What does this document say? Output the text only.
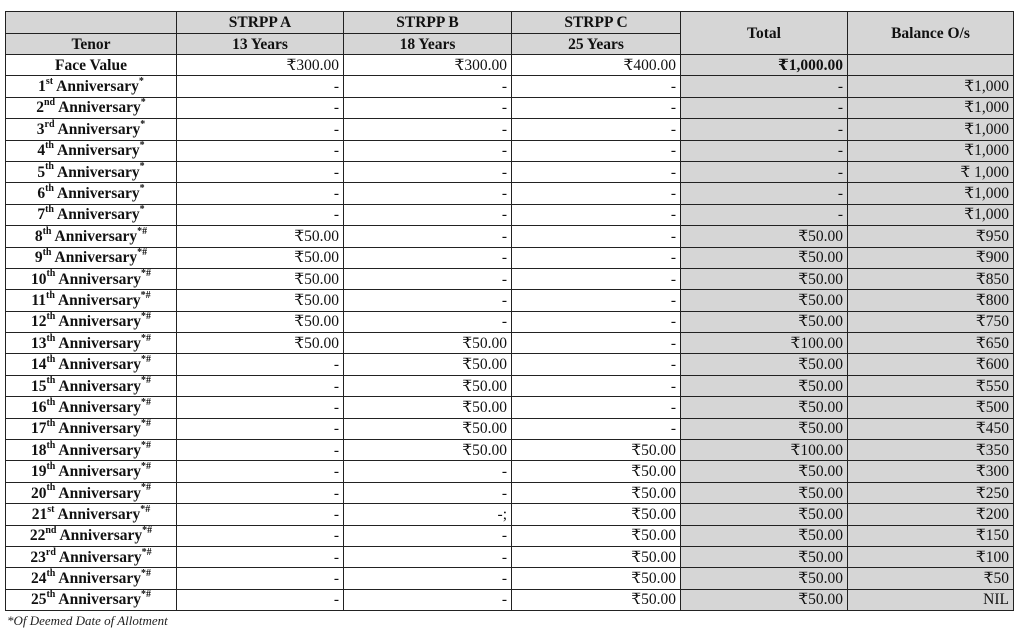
	STRPP A	STRPP B	STRPP C	Total	Balance O/s
Tenor	13 Years	18 Years	25 Years		
Face Value	₹300.00	₹300.00	₹400.00	₹1,000.00	
1st Anniversary*	-	-	-	-	₹1,000
2nd Anniversary*	-	-	-	-	₹1,000
3rd Anniversary*	-	-	-	-	₹1,000
4th Anniversary*	-	-	-	-	₹1,000
5th Anniversary*	-	-	-	-	₹ 1,000
6th Anniversary*	-	-	-	-	₹1,000
7th Anniversary*	-	-	-	-	₹1,000
8th Anniversary*#	₹50.00	-	-	₹50.00	₹950
9th Anniversary*#	₹50.00	-	-	₹50.00	₹900
10th Anniversary*#	₹50.00	-	-	₹50.00	₹850
11th Anniversary*#	₹50.00	-	-	₹50.00	₹800
12th Anniversary*#	₹50.00	-	-	₹50.00	₹750
13th Anniversary*#	₹50.00	₹50.00	-	₹100.00	₹650
14th Anniversary*#	-	₹50.00	-	₹50.00	₹600
15th Anniversary*#	-	₹50.00	-	₹50.00	₹550
16th Anniversary*#	-	₹50.00	-	₹50.00	₹500
17th Anniversary*#	-	₹50.00	-	₹50.00	₹450
18th Anniversary*#	-	₹50.00	₹50.00	₹100.00	₹350
19th Anniversary*#	-	-	₹50.00	₹50.00	₹300
20th Anniversary*#	-	-	₹50.00	₹50.00	₹250
21st Anniversary*#	-	-;	₹50.00	₹50.00	₹200
22nd Anniversary*#	-	-	₹50.00	₹50.00	₹150
23rd Anniversary*#	-	-	₹50.00	₹50.00	₹100
24th Anniversary*#	-	-	₹50.00	₹50.00	₹50
25th Anniversary*#	-	-	₹50.00	₹50.00	NIL
*Of Deemed Date of Allotment
